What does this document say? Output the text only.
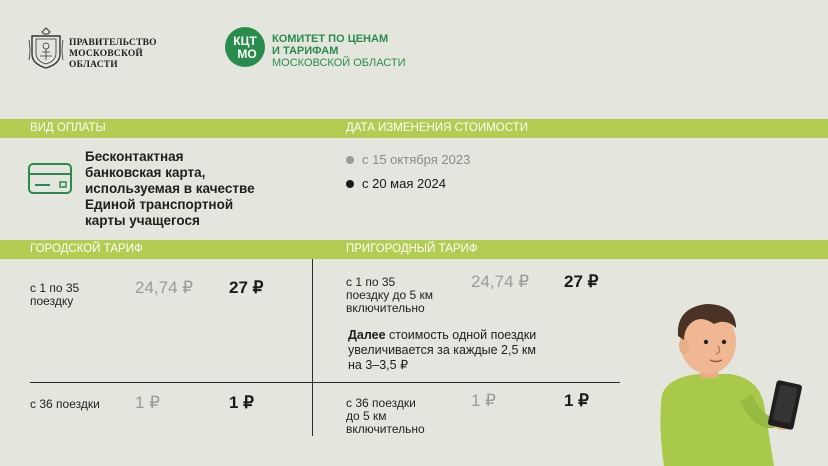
ПРАВИТЕЛЬСТВО
МОСКОВСКОЙ
ОБЛАСТИ
КЦТ
МО
КОМИТЕТ ПО ЦЕНАМ
И ТАРИФАМ
МОСКОВСКОЙ ОБЛАСТИ
ВИД ОПЛАТЫ	ДАТА ИЗМЕНЕНИЯ СТОИМОСТИ
Бесконтактная
банковская карта,
используемая в качестве
Единой транспортной
карты учащегося
с 15 октября 2023
с 20 мая 2024
ГОРОДСКОЙ ТАРИФ	ПРИГОРОДНЫЙ ТАРИФ
с 1 по 35
поездку
24,74 ₽ 27 ₽
с 36 поездки 1 ₽	1 ₽
с 1 по 35
поездку до 5 км
включительно
24,74 ₽ 27 ₽
Далее стоимость одной поездки
увеличивается за каждые 2,5 км
на 3–3,5 ₽
с 36 поездки
до 5 км
включительно
1 ₽	1 ₽
